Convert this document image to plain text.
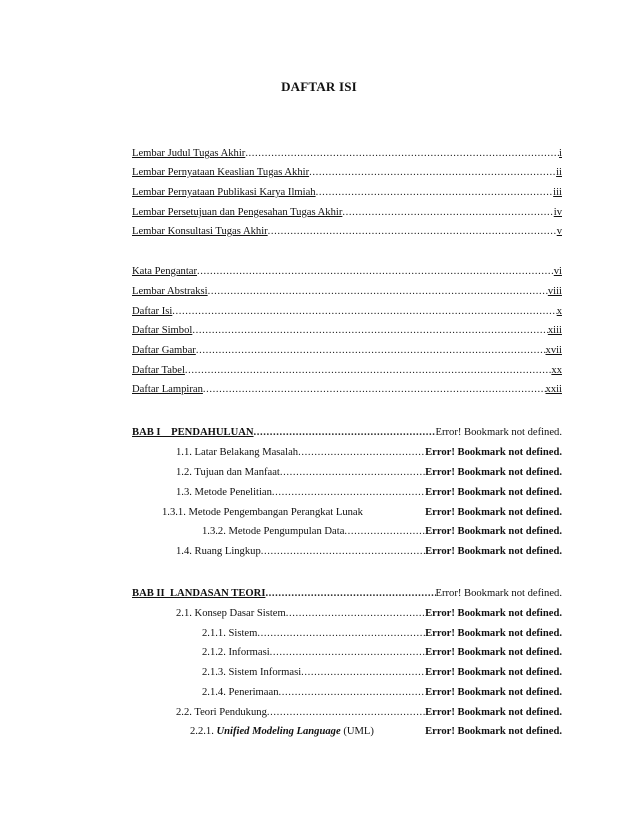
DAFTAR ISI
Lembar Judul Tugas Akhir .....	i
Lembar Pernyataan Keaslian Tugas Akhir .....	ii
Lembar Pernyataan Publikasi Karya Ilmiah .....	iii
Lembar Persetujuan dan Pengesahan Tugas Akhir .....	iv
Lembar Konsultasi Tugas Akhir .....	v
Kata Pengantar .....	vi
Lembar Abstraksi .....	viii
Daftar Isi .....	x
Daftar Simbol .....	xiii
Daftar Gambar .....	xvii
Daftar Tabel .....	xx
Daftar Lampiran .....	xxii
BAB I    PENDAHULUAN .....	Error! Bookmark not defined.
1.1. Latar Belakang Masalah .....	Error! Bookmark not defined.
1.2. Tujuan dan Manfaat .....	Error! Bookmark not defined.
1.3. Metode Penelitian .....	Error! Bookmark not defined.
1.3.1. Metode Pengembangan Perangkat Lunak	Error! Bookmark not defined.
1.3.2. Metode Pengumpulan Data .....	Error! Bookmark not defined.
1.4. Ruang Lingkup .....	Error! Bookmark not defined.
BAB II  LANDASAN TEORI .....	Error! Bookmark not defined.
2.1. Konsep Dasar Sistem .....	Error! Bookmark not defined.
2.1.1. Sistem .....	Error! Bookmark not defined.
2.1.2. Informasi .....	Error! Bookmark not defined.
2.1.3. Sistem Informasi .....	Error! Bookmark not defined.
2.1.4. Penerimaan .....	Error! Bookmark not defined.
2.2. Teori Pendukung .....	Error! Bookmark not defined.
2.2.1. Unified Modeling Language (UML)	Error! Bookmark not defined.
